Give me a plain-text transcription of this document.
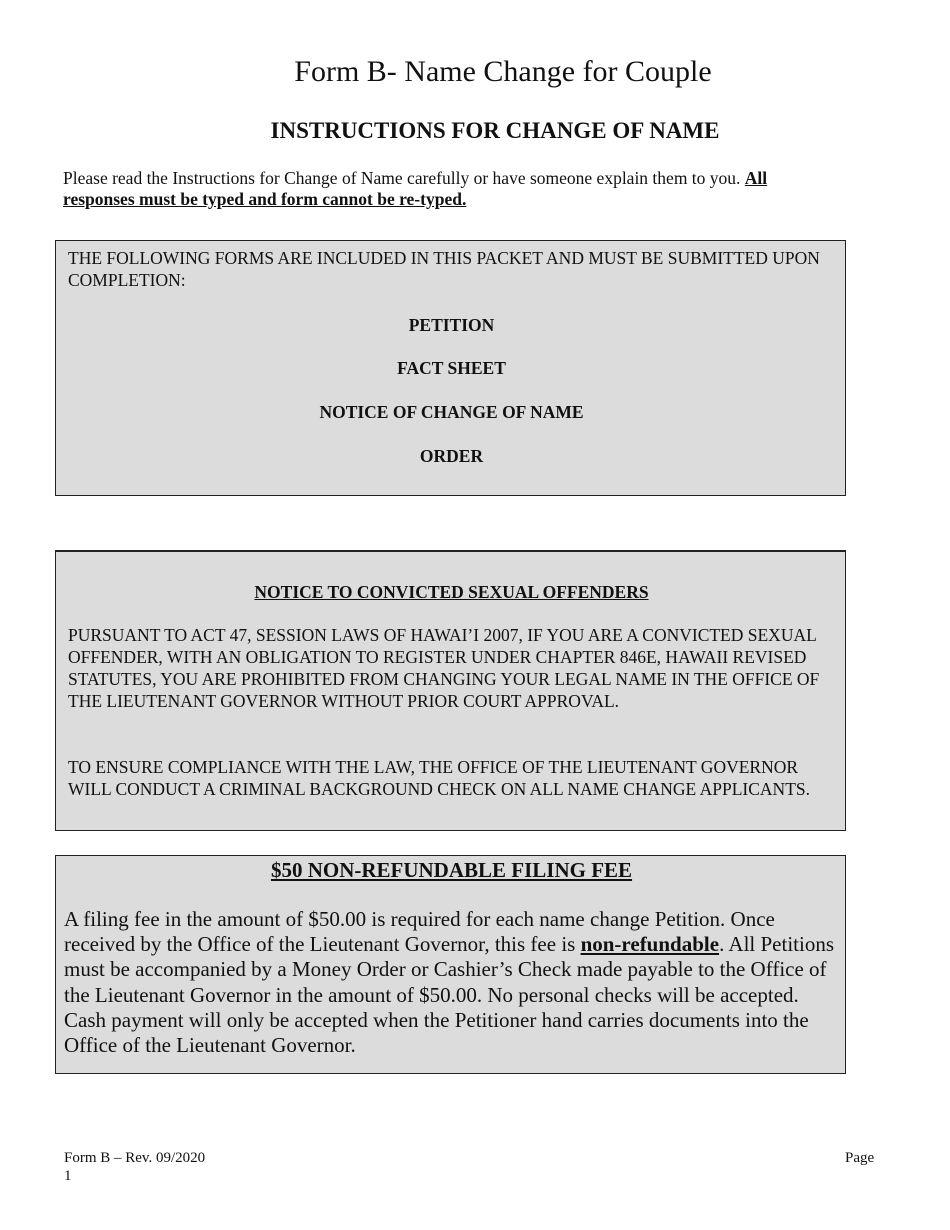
Form B- Name Change for Couple
INSTRUCTIONS FOR CHANGE OF NAME
Please read the Instructions for Change of Name carefully or have someone explain them to you. All responses must be typed and form cannot be re-typed.
THE FOLLOWING FORMS ARE INCLUDED IN THIS PACKET AND MUST BE SUBMITTED UPON COMPLETION:
PETITION
FACT SHEET
NOTICE OF CHANGE OF NAME
ORDER
NOTICE TO CONVICTED SEXUAL OFFENDERS
PURSUANT TO ACT 47, SESSION LAWS OF HAWAI’I 2007, IF YOU ARE A CONVICTED SEXUAL OFFENDER, WITH AN OBLIGATION TO REGISTER UNDER CHAPTER 846E, HAWAII REVISED STATUTES, YOU ARE PROHIBITED FROM CHANGING YOUR LEGAL NAME IN THE OFFICE OF THE LIEUTENANT GOVERNOR WITHOUT PRIOR COURT APPROVAL.
TO ENSURE COMPLIANCE WITH THE LAW, THE OFFICE OF THE LIEUTENANT GOVERNOR WILL CONDUCT A CRIMINAL BACKGROUND CHECK ON ALL NAME CHANGE APPLICANTS.
$50 NON-REFUNDABLE FILING FEE
A filing fee in the amount of $50.00 is required for each name change Petition. Once received by the Office of the Lieutenant Governor, this fee is non-refundable. All Petitions must be accompanied by a Money Order or Cashier’s Check made payable to the Office of the Lieutenant Governor in the amount of $50.00. No personal checks will be accepted. Cash payment will only be accepted when the Petitioner hand carries documents into the Office of the Lieutenant Governor.
Form B – Rev. 09/2020
1
Page
